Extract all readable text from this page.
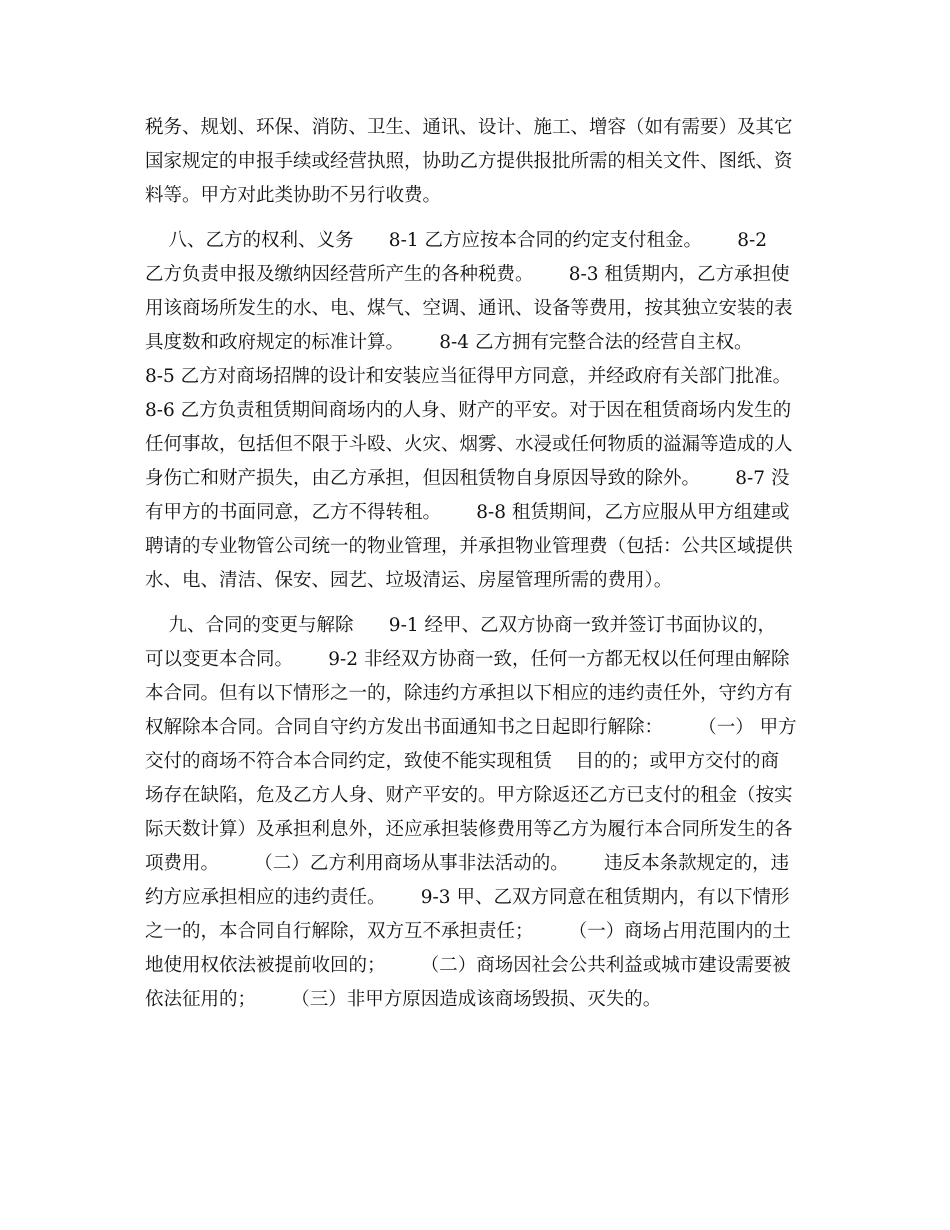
税务、规划、环保、消防、卫生、通讯、设计、施工、增容（如有需要）及其它
国家规定的申报手续或经营执照，协助乙方提供报批所需的相关文件、图纸、资
料等。甲方对此类协助不另行收费。
八、乙方的权利、义务      8-1 乙方应按本合同的约定支付租金。      8-2
乙方负责申报及缴纳因经营所产生的各种税费。      8-3 租赁期内，乙方承担使
用该商场所发生的水、电、煤气、空调、通讯、设备等费用，按其独立安装的表
具度数和政府规定的标准计算。      8-4 乙方拥有完整合法的经营自主权。
8-5 乙方对商场招牌的设计和安装应当征得甲方同意，并经政府有关部门批准。
8-6 乙方负责租赁期间商场内的人身、财产的平安。对于因在租赁商场内发生的
任何事故，包括但不限于斗殴、火灾、烟雾、水浸或任何物质的溢漏等造成的人
身伤亡和财产损失，由乙方承担，但因租赁物自身原因导致的除外。      8-7 没
有甲方的书面同意，乙方不得转租。      8-8 租赁期间，乙方应服从甲方组建或
聘请的专业物管公司统一的物业管理，并承担物业管理费（包括：公共区域提供
水、电、清洁、保安、园艺、垃圾清运、房屋管理所需的费用）。
九、合同的变更与解除      9-1 经甲、乙双方协商一致并签订书面协议的，
可以变更本合同。      9-2 非经双方协商一致，任何一方都无权以任何理由解除
本合同。但有以下情形之一的，除违约方承担以下相应的违约责任外，守约方有
权解除本合同。合同自守约方发出书面通知书之日起即行解除：      （一） 甲方
交付的商场不符合本合同约定，致使不能实现租赁    目的的；或甲方交付的商
场存在缺陷，危及乙方人身、财产平安的。甲方除返还乙方已支付的租金（按实
际天数计算）及承担利息外，还应承担装修费用等乙方为履行本合同所发生的各
项费用。      （二）乙方利用商场从事非法活动的。      违反本条款规定的，违
约方应承担相应的违约责任。      9-3 甲、乙双方同意在租赁期内，有以下情形
之一的，本合同自行解除，双方互不承担责任；      （一）商场占用范围内的土
地使用权依法被提前收回的；      （二）商场因社会公共利益或城市建设需要被
依法征用的；      （三）非甲方原因造成该商场毁损、灭失的。
